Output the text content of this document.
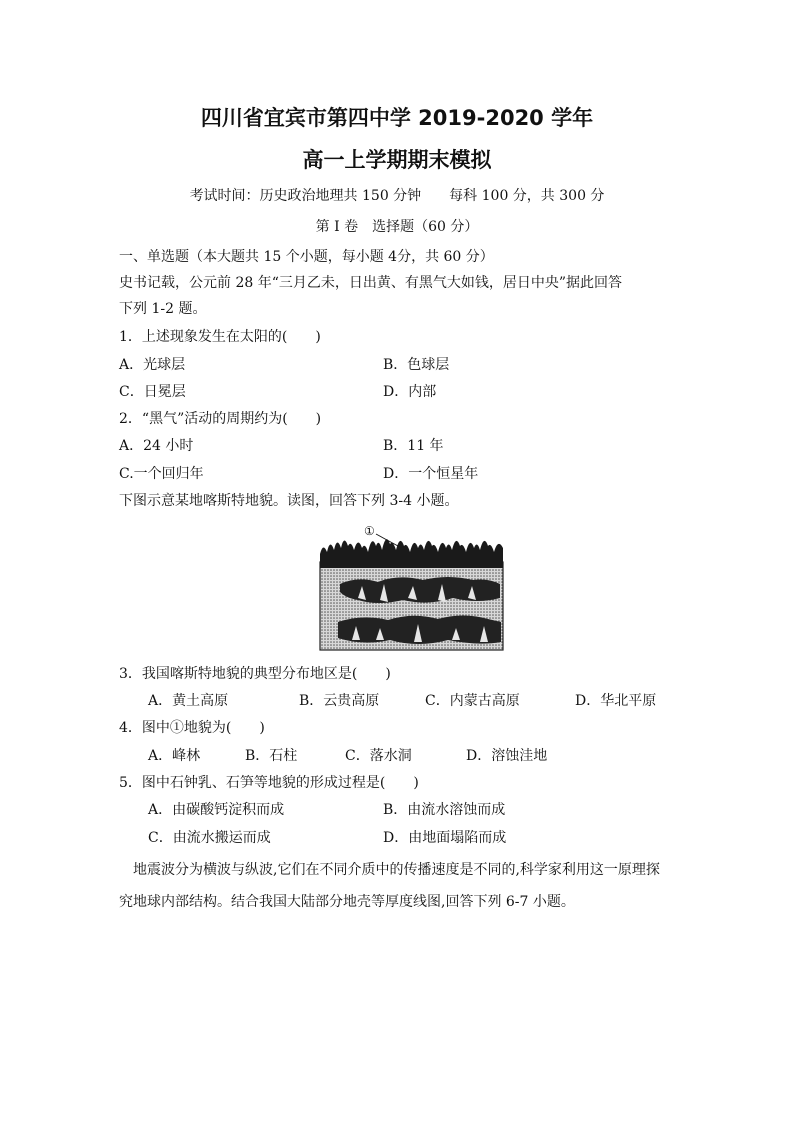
四川省宜宾市第四中学 2019-2020 学年
高一上学期期末模拟
考试时间：历史政治地理共 150 分钟　　每科 100 分，共 300 分
第 I 卷　选择题（60 分）
一、单选题（本大题共 15 个小题，每小题 4分，共 60 分）
史书记载，公元前 28 年“三月乙未，日出黄、有黑气大如钱，居日中央”据此回答
下列 1-2 题。
1．上述现象发生在太阳的(　　)
A．光球层	B．色球层
C．日冕层	D．内部
2．“黑气”活动的周期约为(　　)
A．24 小时	B．11 年
C.一个回归年	D．一个恒星年
下图示意某地喀斯特地貌。读图，回答下列 3-4 小题。
①
3．我国喀斯特地貌的典型分布地区是(　　)
A．黄土高原	B．云贵高原	C．内蒙古高原	D．华北平原
4．图中①地貌为(　　)
A．峰林	B．石柱	C．落水洞	D．溶蚀洼地
5．图中石钟乳、石笋等地貌的形成过程是(　　)
A．由碳酸钙淀积而成	B．由流水溶蚀而成
C．由流水搬运而成	D．由地面塌陷而成
地震波分为横波与纵波,它们在不同介质中的传播速度是不同的,科学家利用这一原理探
究地球内部结构。结合我国大陆部分地壳等厚度线图,回答下列 6-7 小题。
